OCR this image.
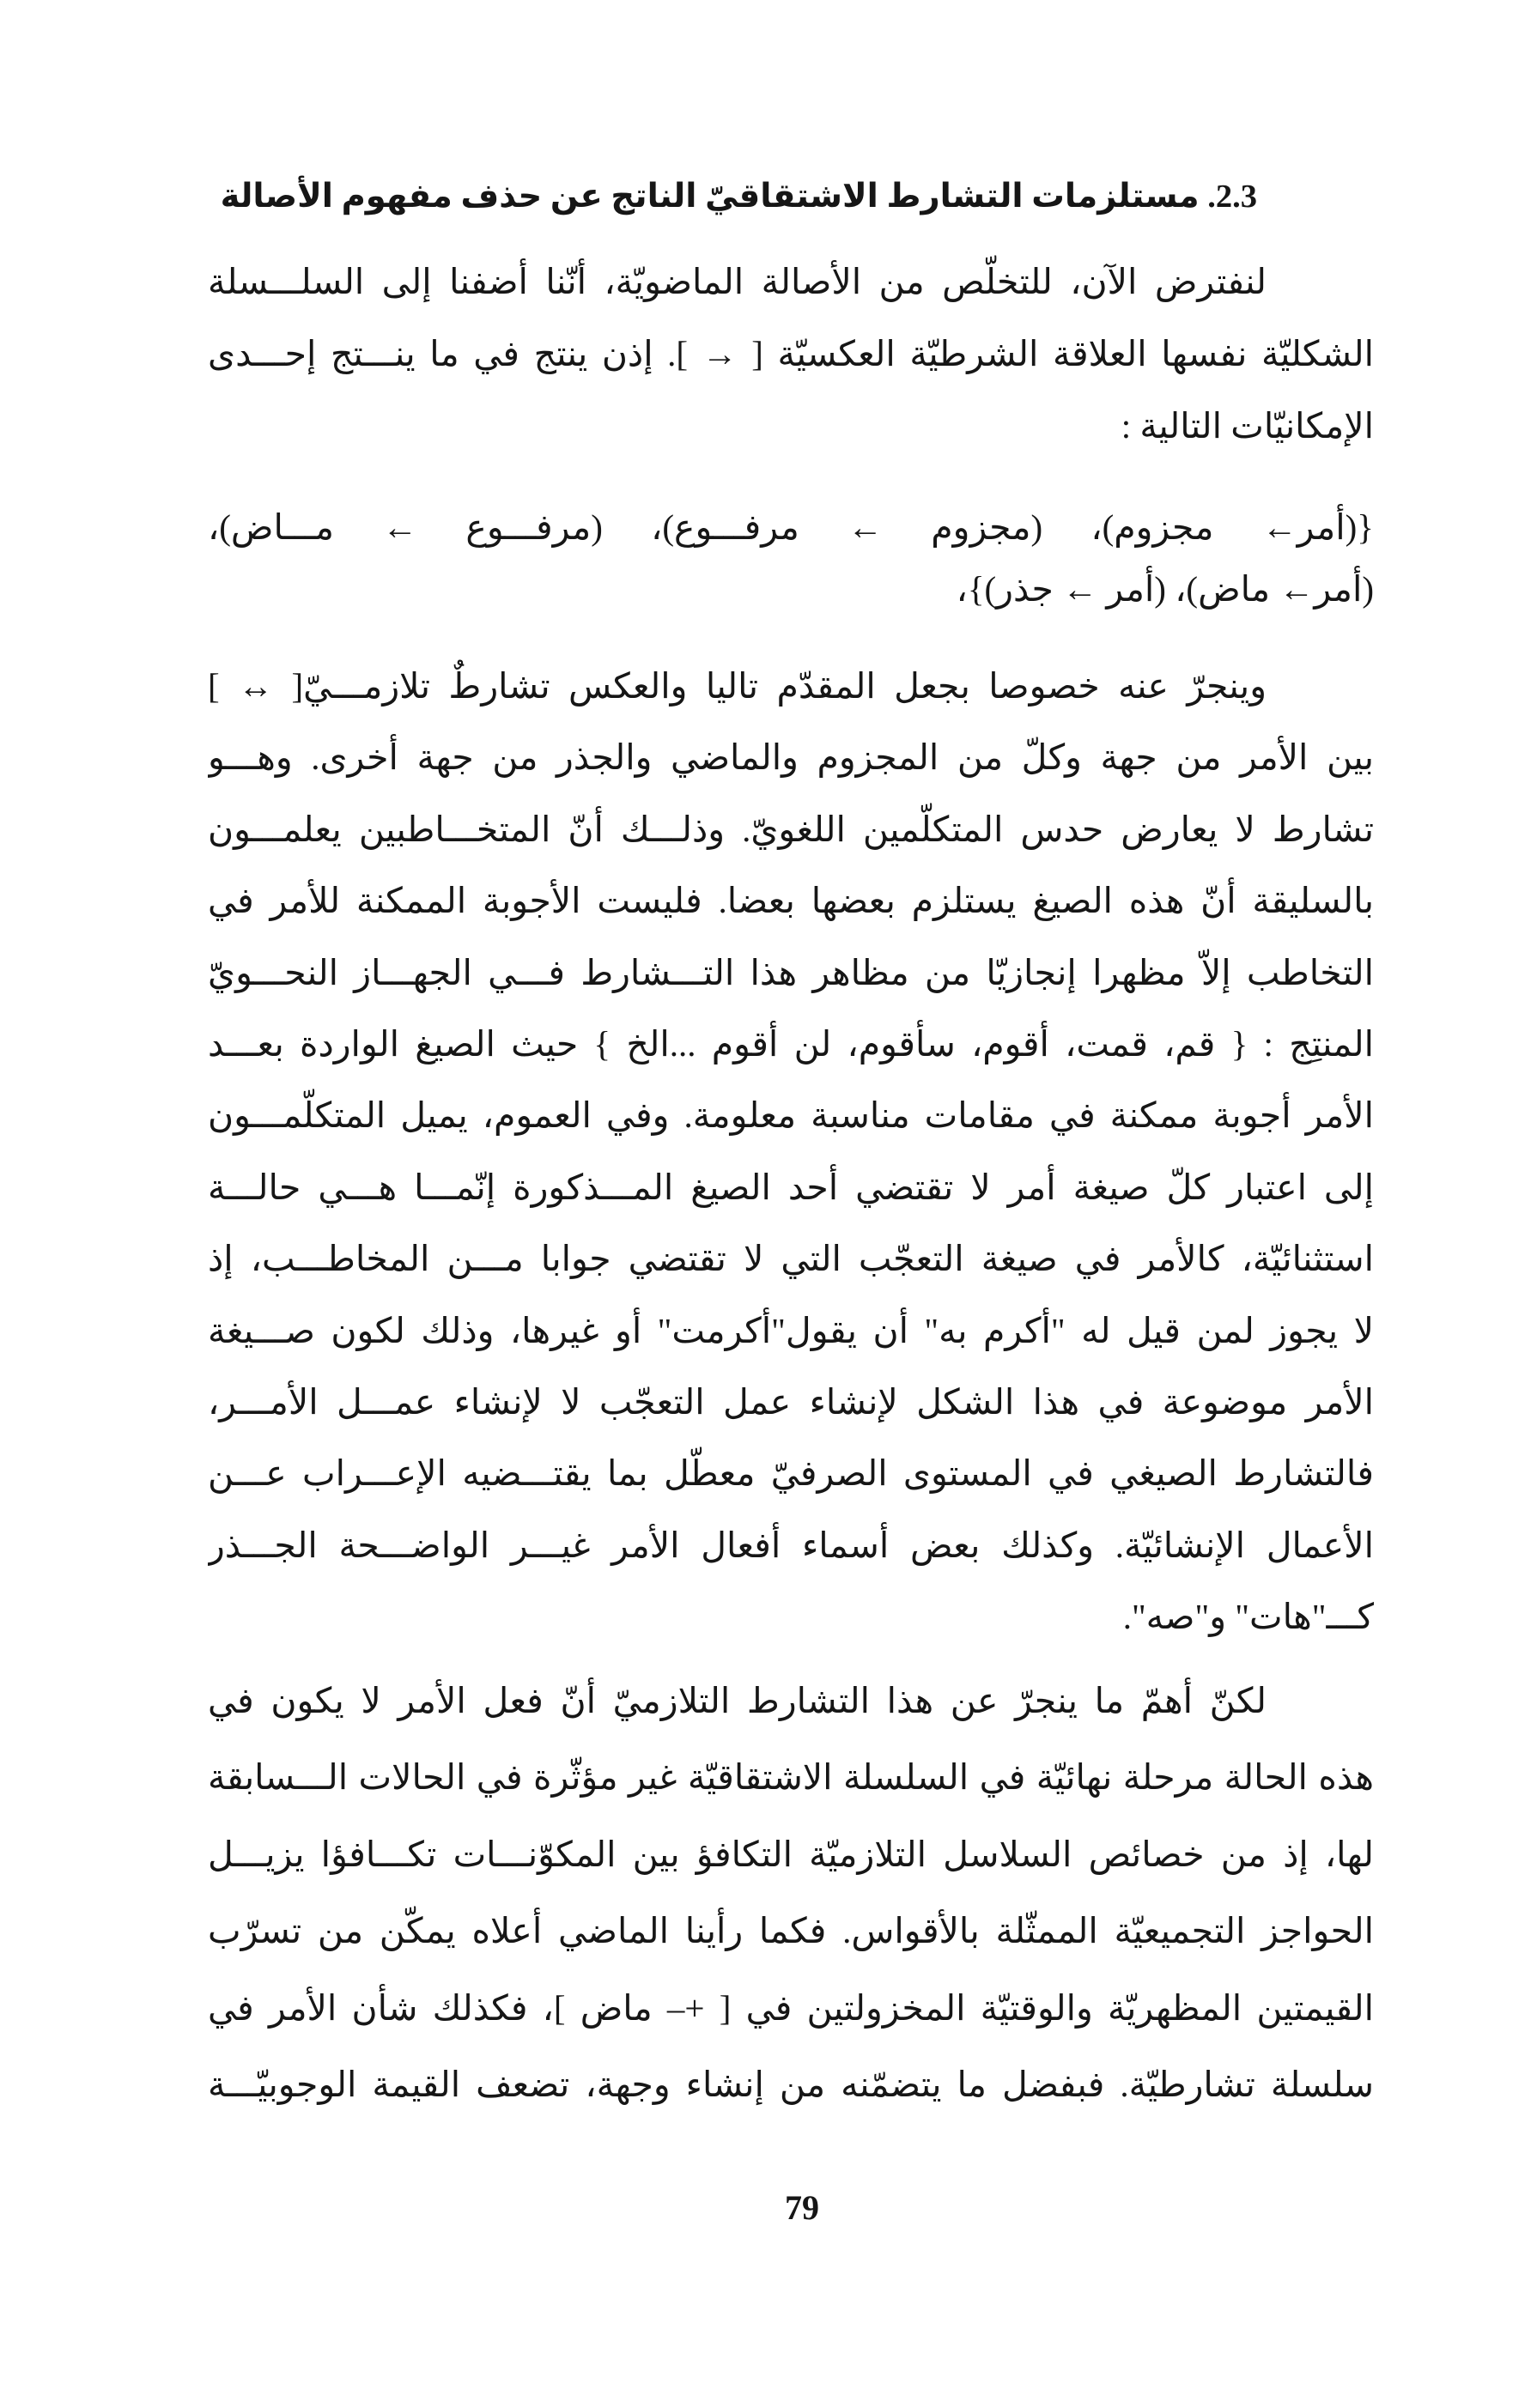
2.3. مستلزمات التشارط الاشتقاقيّ الناتج عن حذف مفهوم الأصالة
لنفترض الآن، للتخلّص من الأصالة الماضويّة، أنّنا أضفنا إلى السلـــسلة
الشكليّة نفسها العلاقة الشرطيّة العكسيّة [ → ]. إذن ينتج في ما ينـــتج إحـــدى
الإمكانيّات التالية :
{(أمر← مجزوم)، (مجزوم ← مرفـــوع)، (مرفـــوع ← مـــاض)،
(أمر← ماض)، (أمر ← جذر)}،
وينجرّ عنه خصوصا بجعل المقدّم تاليا والعكس تشارطٌ تلازمـــيّ[ ↔ ]
بين الأمر من جهة وكلّ من المجزوم والماضي والجذر من جهة أخرى. وهـــو
تشارط لا يعارض حدس المتكلّمين اللغويّ. وذلـــك أنّ المتخـــاطبين يعلمـــون
بالسليقة أنّ هذه الصيغ يستلزم بعضها بعضا. فليست الأجوبة الممكنة للأمر في
التخاطب إلاّ مظهرا إنجازيّا من مظاهر هذا التـــشارط فـــي الجهـــاز النحـــويّ
المنتِج : { قم، قمت، أقوم، سأقوم، لن أقوم ...الخ } حيث الصيغ الواردة بعـــد
الأمر أجوبة ممكنة في مقامات مناسبة معلومة. وفي العموم، يميل المتكلّمـــون
إلى اعتبار كلّ صيغة أمر لا تقتضي أحد الصيغ المـــذكورة إنّمـــا هـــي حالـــة
استثنائيّة، كالأمر في صيغة التعجّب التي لا تقتضي جوابا مـــن المخاطـــب، إذ
لا يجوز لمن قيل له "أكرم به" أن يقول"أكرمت" أو غيرها، وذلك لكون صـــيغة
الأمر موضوعة في هذا الشكل لإنشاء عمل التعجّب لا لإنشاء عمـــل الأمـــر،
فالتشارط الصيغي في المستوى الصرفيّ معطّل بما يقتـــضيه الإعـــراب عـــن
الأعمال الإنشائيّة. وكذلك بعض أسماء أفعال الأمر غيـــر الواضـــحة الجـــذر
كـــ"هات" و"صه".
لكنّ أهمّ ما ينجرّ عن هذا التشارط التلازميّ أنّ فعل الأمر لا يكون في
هذه الحالة مرحلة نهائيّة في السلسلة الاشتقاقيّة غير مؤثّرة في الحالات الـــسابقة
لها، إذ من خصائص السلاسل التلازميّة التكافؤ بين المكوّنـــات تكـــافؤا يزيـــل
الحواجز التجميعيّة الممثّلة بالأقواس. فكما رأينا الماضي أعلاه يمكّن من تسرّب
القيمتين المظهريّة والوقتيّة المخزولتين في [ +– ماض ]، فكذلك شأن الأمر في
سلسلة تشارطيّة. فبفضل ما يتضمّنه من إنشاء وجهة، تضعف القيمة الوجوبيّـــة
79
